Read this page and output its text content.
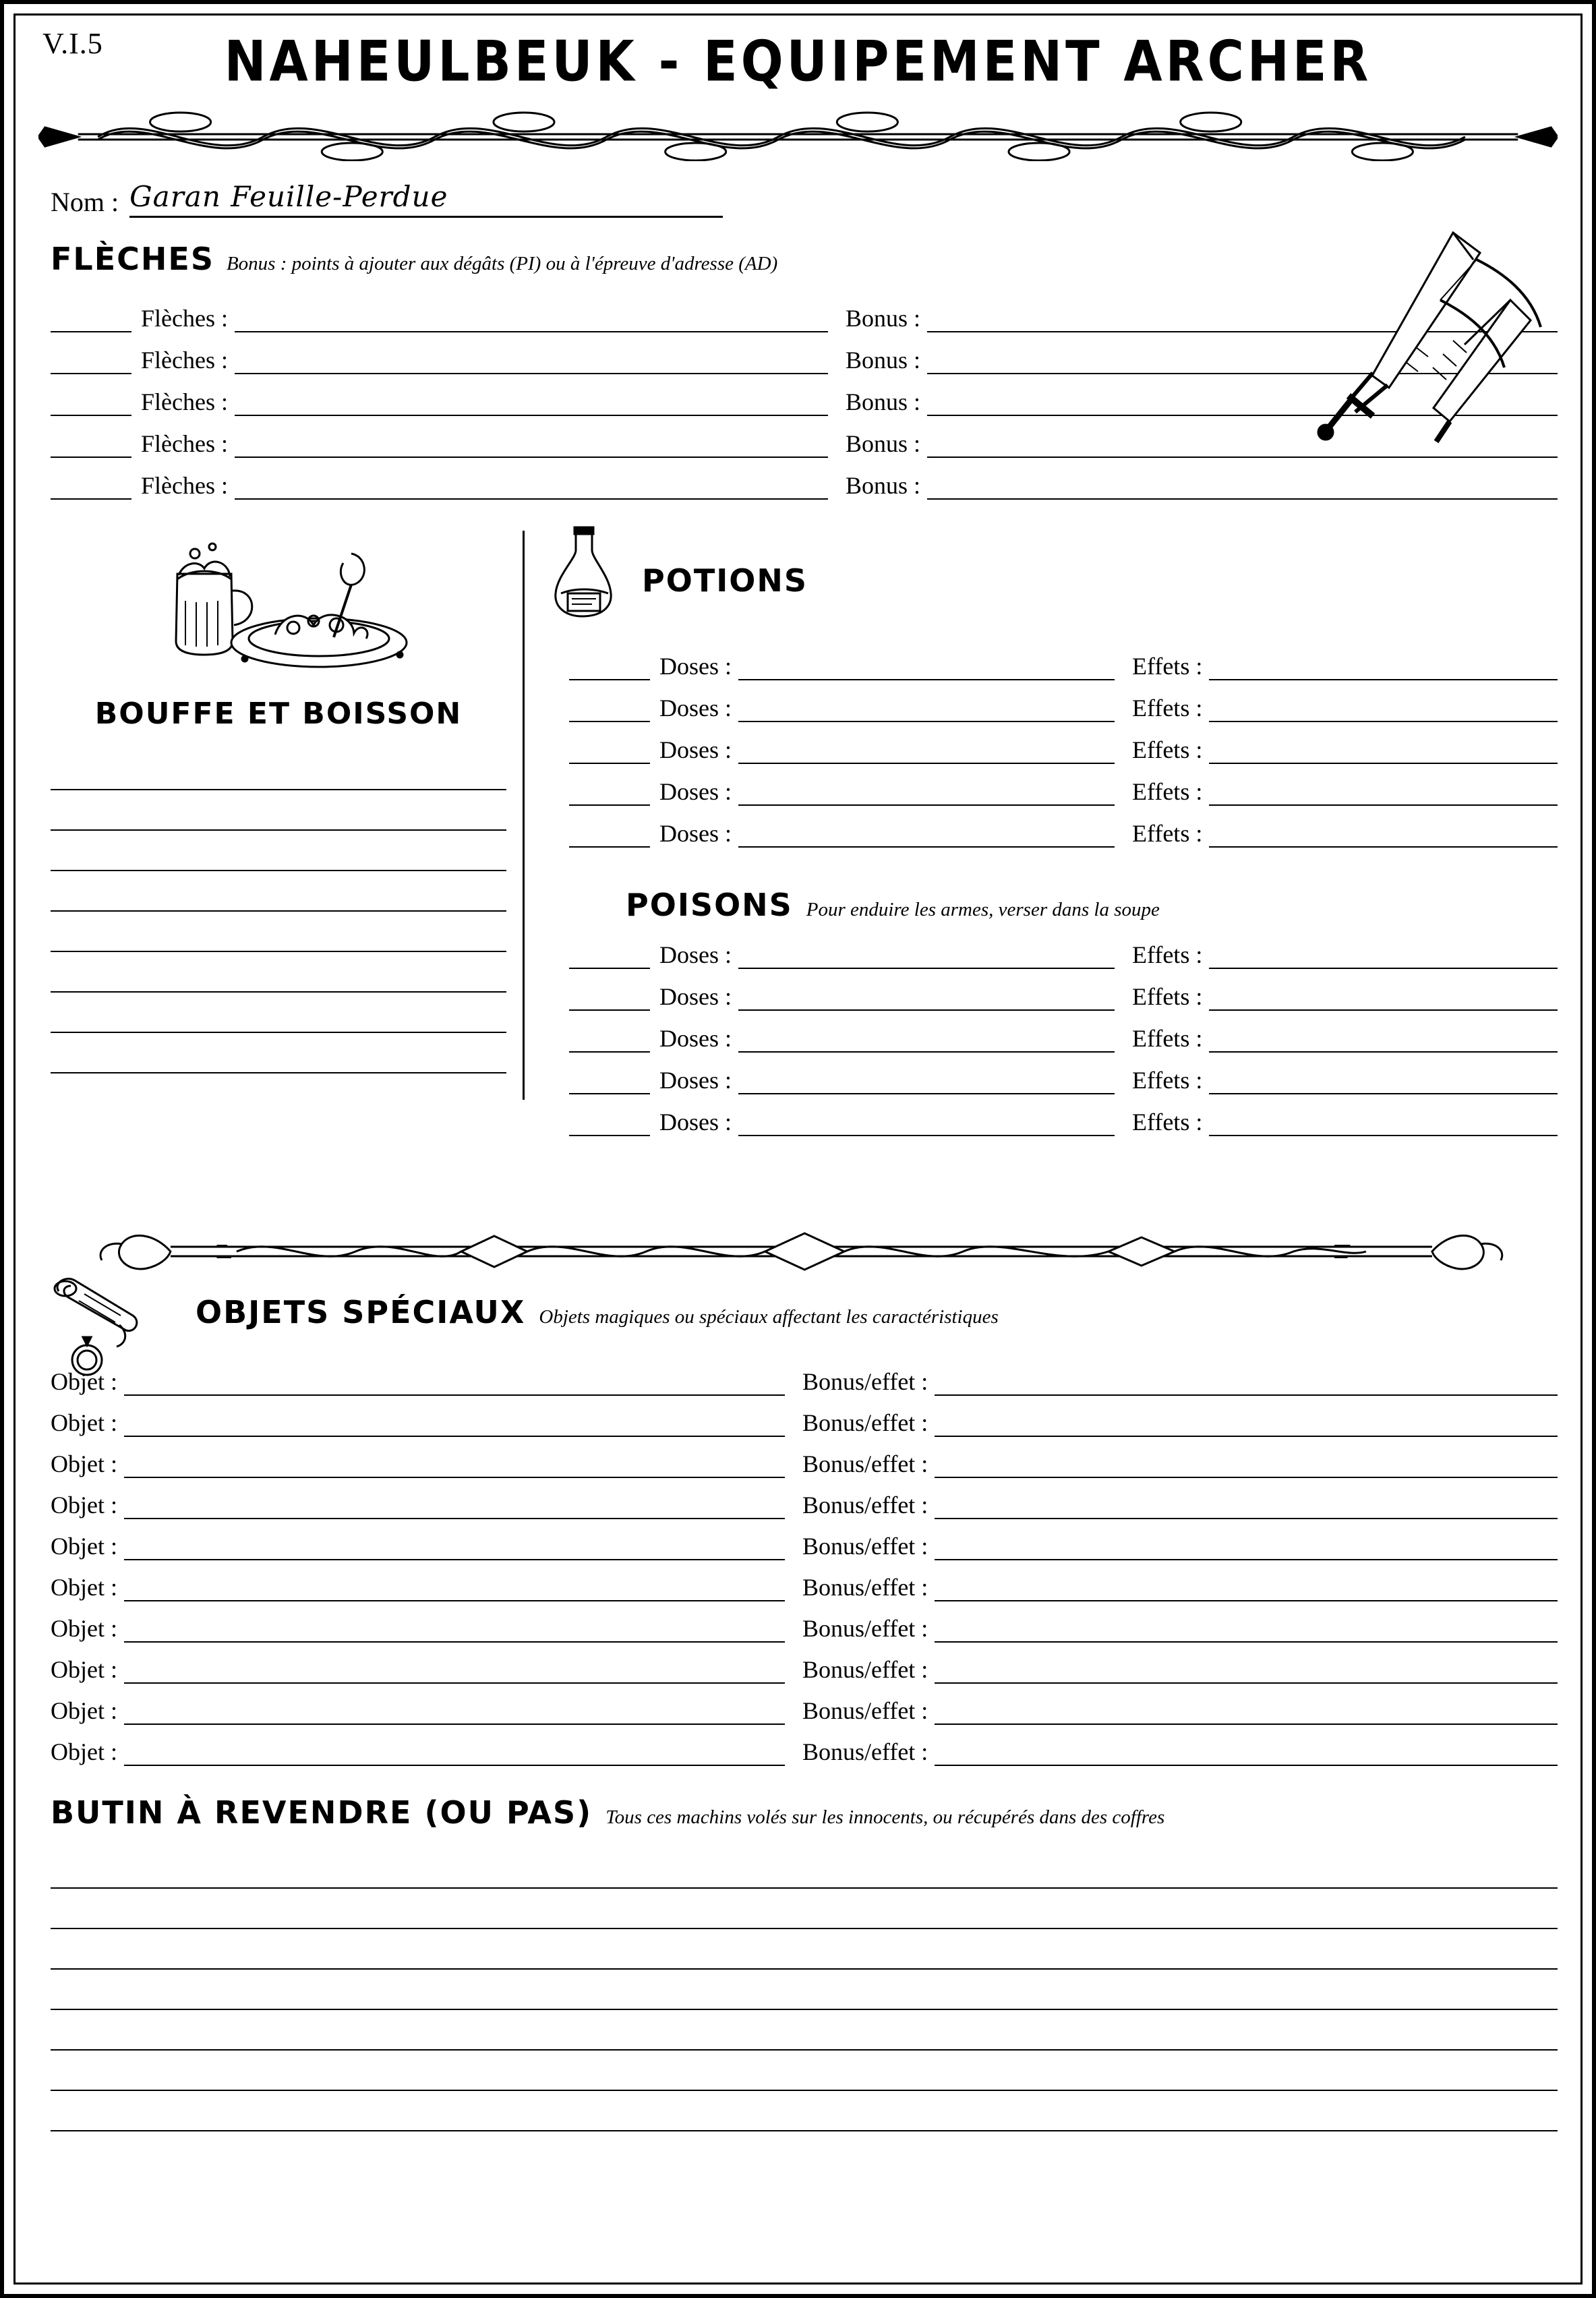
V.I.5	NAHEULBEUK - EQUIPEMENT ARCHER
Nom : Garan Feuille-Perdue
FLÈCHES Bonus : points à ajouter aux dégâts (PI) ou à l'épreuve d'adresse (AD)
Flèches :	Bonus :
Flèches :	Bonus :
Flèches :	Bonus :
Flèches :	Bonus :
Flèches :	Bonus :
BOUFFE ET BOISSON
POTIONS
Doses :	Effets :
Doses :	Effets :
Doses :	Effets :
Doses :	Effets :
Doses :	Effets :
POISONS Pour enduire les armes, verser dans la soupe
Doses :	Effets :
Doses :	Effets :
Doses :	Effets :
Doses :	Effets :
Doses :	Effets :
OBJETS SPÉCIAUX Objets magiques ou spéciaux affectant les caractéristiques
Objet :	Bonus/effet :
Objet :	Bonus/effet :
Objet :	Bonus/effet :
Objet :	Bonus/effet :
Objet :	Bonus/effet :
Objet :	Bonus/effet :
Objet :	Bonus/effet :
Objet :	Bonus/effet :
Objet :	Bonus/effet :
Objet :	Bonus/effet :
BUTIN À REVENDRE (OU PAS) Tous ces machins volés sur les innocents, ou récupérés dans des coffres
